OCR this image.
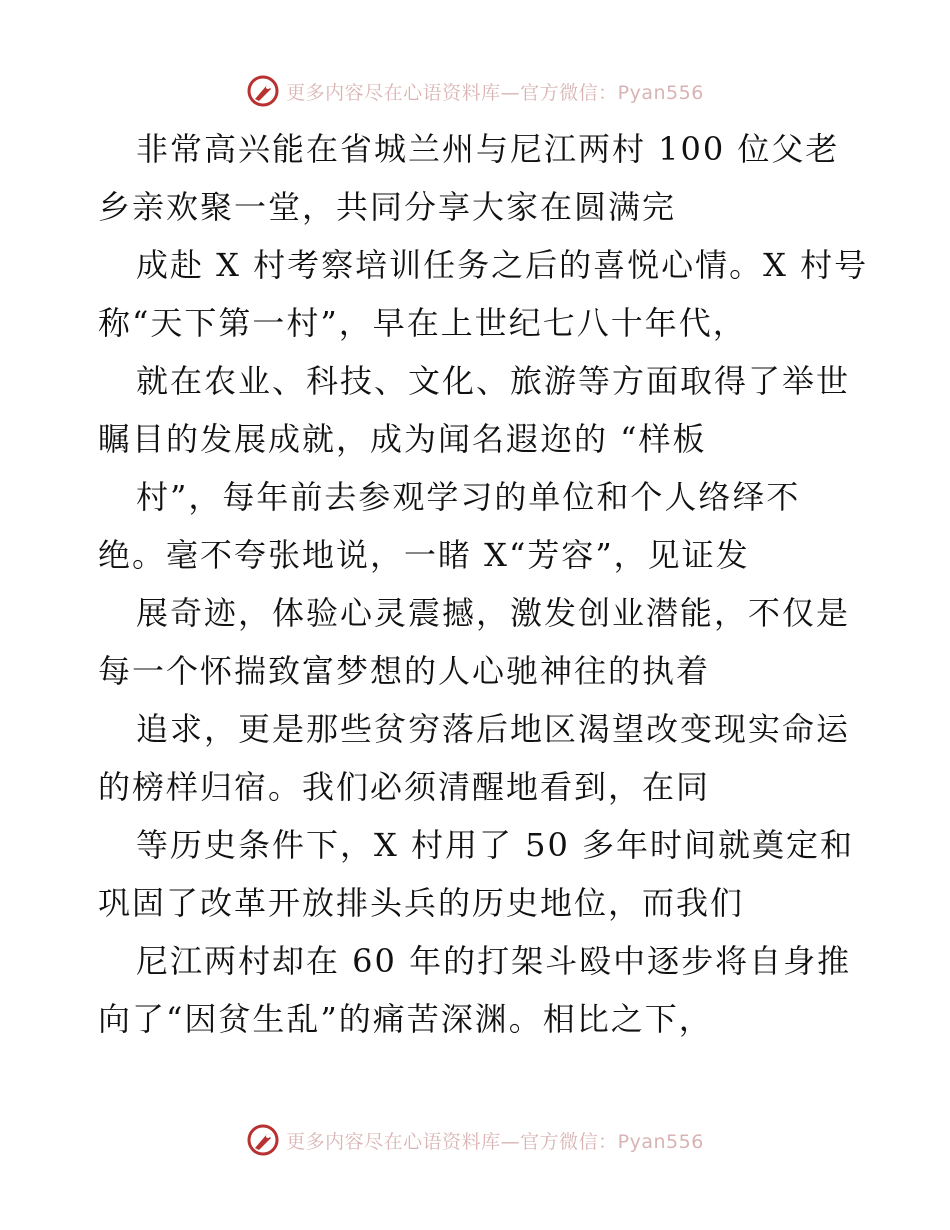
更多内容尽在心语资料库—官方微信：Pyan556
非常高兴能在省城兰州与尼江两村 100 位父老
乡亲欢聚一堂，共同分享大家在圆满完
成赴 X 村考察培训任务之后的喜悦心情。X 村号
称“天下第一村”，早在上世纪七八十年代，
就在农业、科技、文化、旅游等方面取得了举世
瞩目的发展成就，成为闻名遐迩的 “样板
村”，每年前去参观学习的单位和个人络绎不
绝。毫不夸张地说，一睹 X“芳容”，见证发
展奇迹，体验心灵震撼，激发创业潜能，不仅是
每一个怀揣致富梦想的人心驰神往的执着
追求，更是那些贫穷落后地区渴望改变现实命运
的榜样归宿。我们必须清醒地看到，在同
等历史条件下，X 村用了 50 多年时间就奠定和
巩固了改革开放排头兵的历史地位，而我们
尼江两村却在 60 年的打架斗殴中逐步将自身推
向了“因贫生乱”的痛苦深渊。相比之下，
更多内容尽在心语资料库—官方微信：Pyan556
